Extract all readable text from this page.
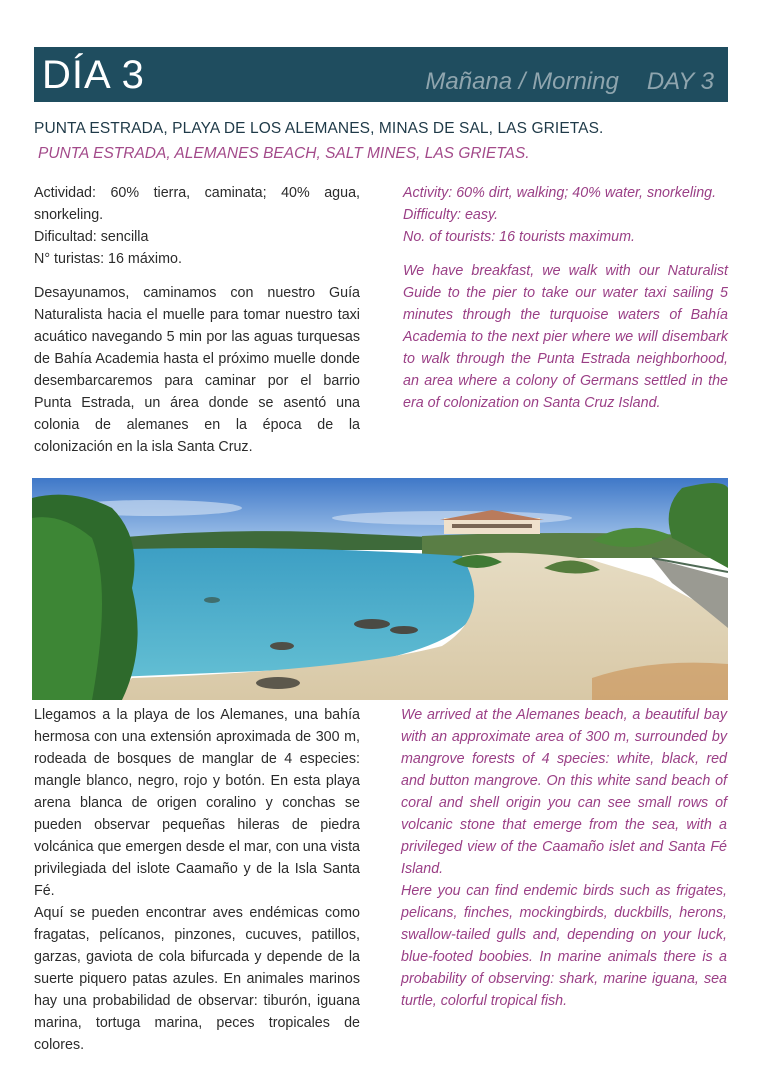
DÍA 3	Mañana / Morning DAY 3
PUNTA ESTRADA, PLAYA DE LOS ALEMANES, MINAS DE SAL, LAS GRIETAS.
PUNTA ESTRADA, ALEMANES BEACH, SALT MINES, LAS GRIETAS.

Actividad: 60% tierra, caminata; 40% agua, snorkeling.

Dificultad: sencilla

N° turistas: 16 máximo.

Desayunamos, caminamos con nuestro Guía Naturalista hacia el muelle para tomar nuestro taxi acuático navegando 5 min por las aguas turquesas de Bahía Academia hasta el próximo muelle donde desembarcaremos para caminar por el barrio Punta Estrada, un área donde se asentó una colonia de alemanes en la época de la colonización en la isla Santa Cruz.

Activity: 60% dirt, walking; 40% water, snorkeling.

Difficulty: easy.

No. of tourists: 16 tourists maximum.

We have breakfast, we walk with our Naturalist Guide to the pier to take our water taxi sailing 5 minutes through the turquoise waters of Bahía Academia to the next pier where we will disembark to walk through the Punta Estrada neighborhood, an area where a colony of Germans settled in the era of colonization on Santa Cruz Island.

Llegamos a la playa de los Alemanes, una bahía hermosa con una extensión aproximada de 300 m, rodeada de bosques de manglar de 4 especies: mangle blanco, negro, rojo y botón. En esta playa arena blanca de origen coralino y conchas se pueden observar pequeñas hileras de piedra volcánica que emergen desde el mar, con una vista privilegiada del islote Caamaño y de la Isla Santa Fé.

Aquí se pueden encontrar aves endémicas como fragatas, pelícanos, pinzones, cucuves, patillos, garzas, gaviota de cola bifurcada y depende de la suerte piquero patas azules. En animales marinos hay una probabilidad de observar: tiburón, iguana marina, tortuga marina, peces tropicales de colores.

We arrived at the Alemanes beach, a beautiful bay with an approximate area of 300 m, surrounded by mangrove forests of 4 species: white, black, red and button mangrove. On this white sand beach of coral and shell origin you can see small rows of volcanic stone that emerge from the sea, with a privileged view of the Caamaño islet and Santa Fé Island.

Here you can find endemic birds such as frigates, pelicans, finches, mockingbirds, duckbills, herons, swallow-tailed gulls and, depending on your luck, blue-footed boobies. In marine animals there is a probability of observing: shark, marine iguana, sea turtle, colorful tropical fish.
